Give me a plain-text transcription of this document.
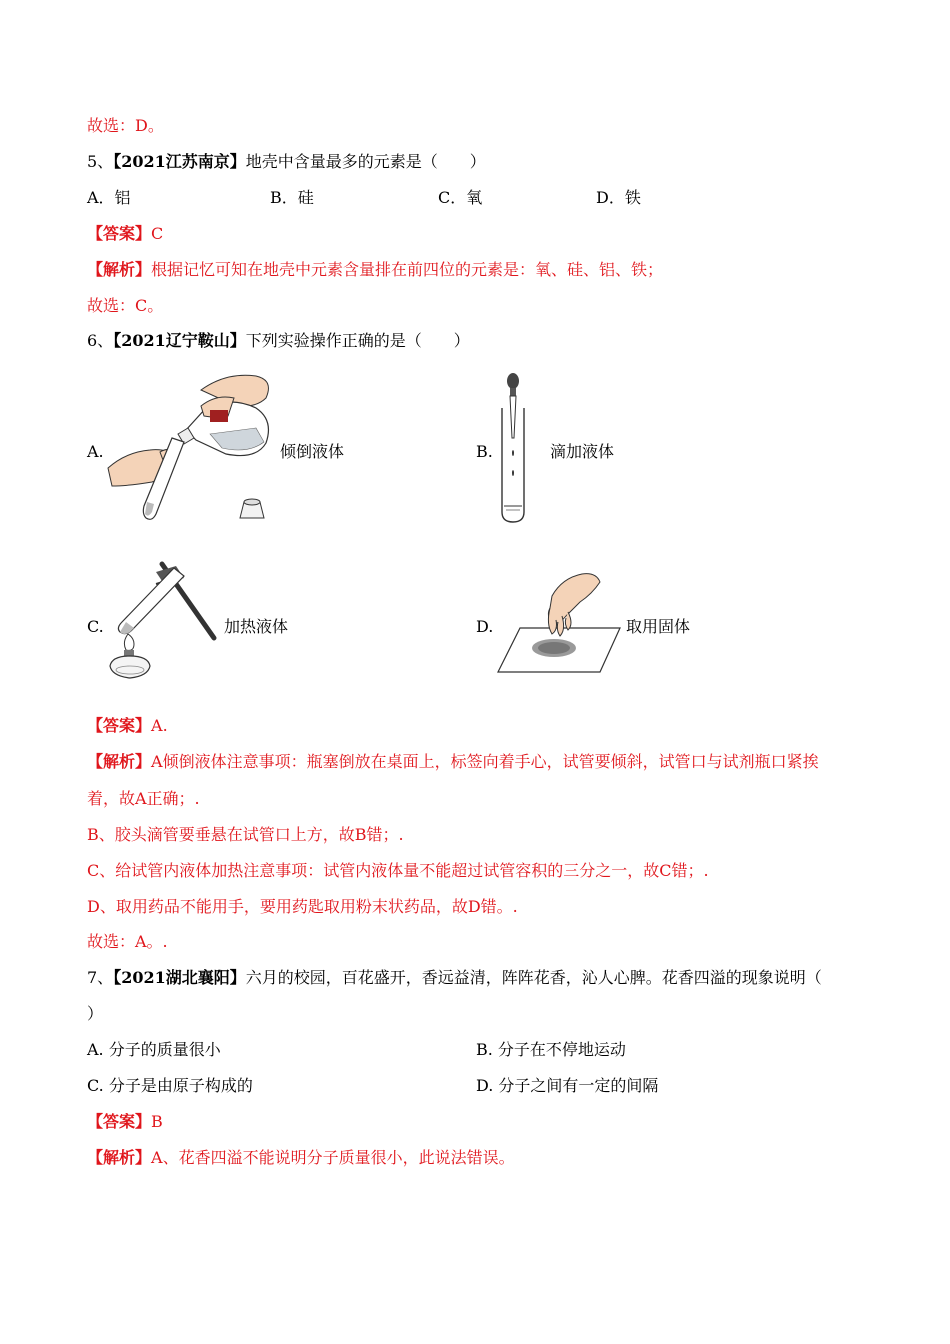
故选：D。
5、【2021江苏南京】地壳中含量最多的元素是（　　）
A．铝	B．硅	C．氧	D．铁
【答案】C
【解析】根据记忆可知在地壳中元素含量排在前四位的元素是：氧、硅、铝、铁；
故选：C。
6、【2021辽宁鞍山】下列实验操作正确的是（　　）
A.	倾倒液体	B.	滴加液体
C.	加热液体	D.	取用固体
【答案】A.
【解析】A倾倒液体注意事项：瓶塞倒放在桌面上，标签向着手心，试管要倾斜，试管口与试剂瓶口紧挨
着，故A正确；.
B、胶头滴管要垂悬在试管口上方，故B错；.
C、给试管内液体加热注意事项：试管内液体量不能超过试管容积的三分之一，故C错；.
D、取用药品不能用手，要用药匙取用粉末状药品，故D错。.
故选：A。.
7、【2021湖北襄阳】六月的校园，百花盛开，香远益清，阵阵花香，沁人心脾。花香四溢的现象说明（
）
A. 分子的质量很小	B. 分子在不停地运动
C. 分子是由原子构成的	D. 分子之间有一定的间隔
【答案】B
【解析】A、花香四溢不能说明分子质量很小，此说法错误。
